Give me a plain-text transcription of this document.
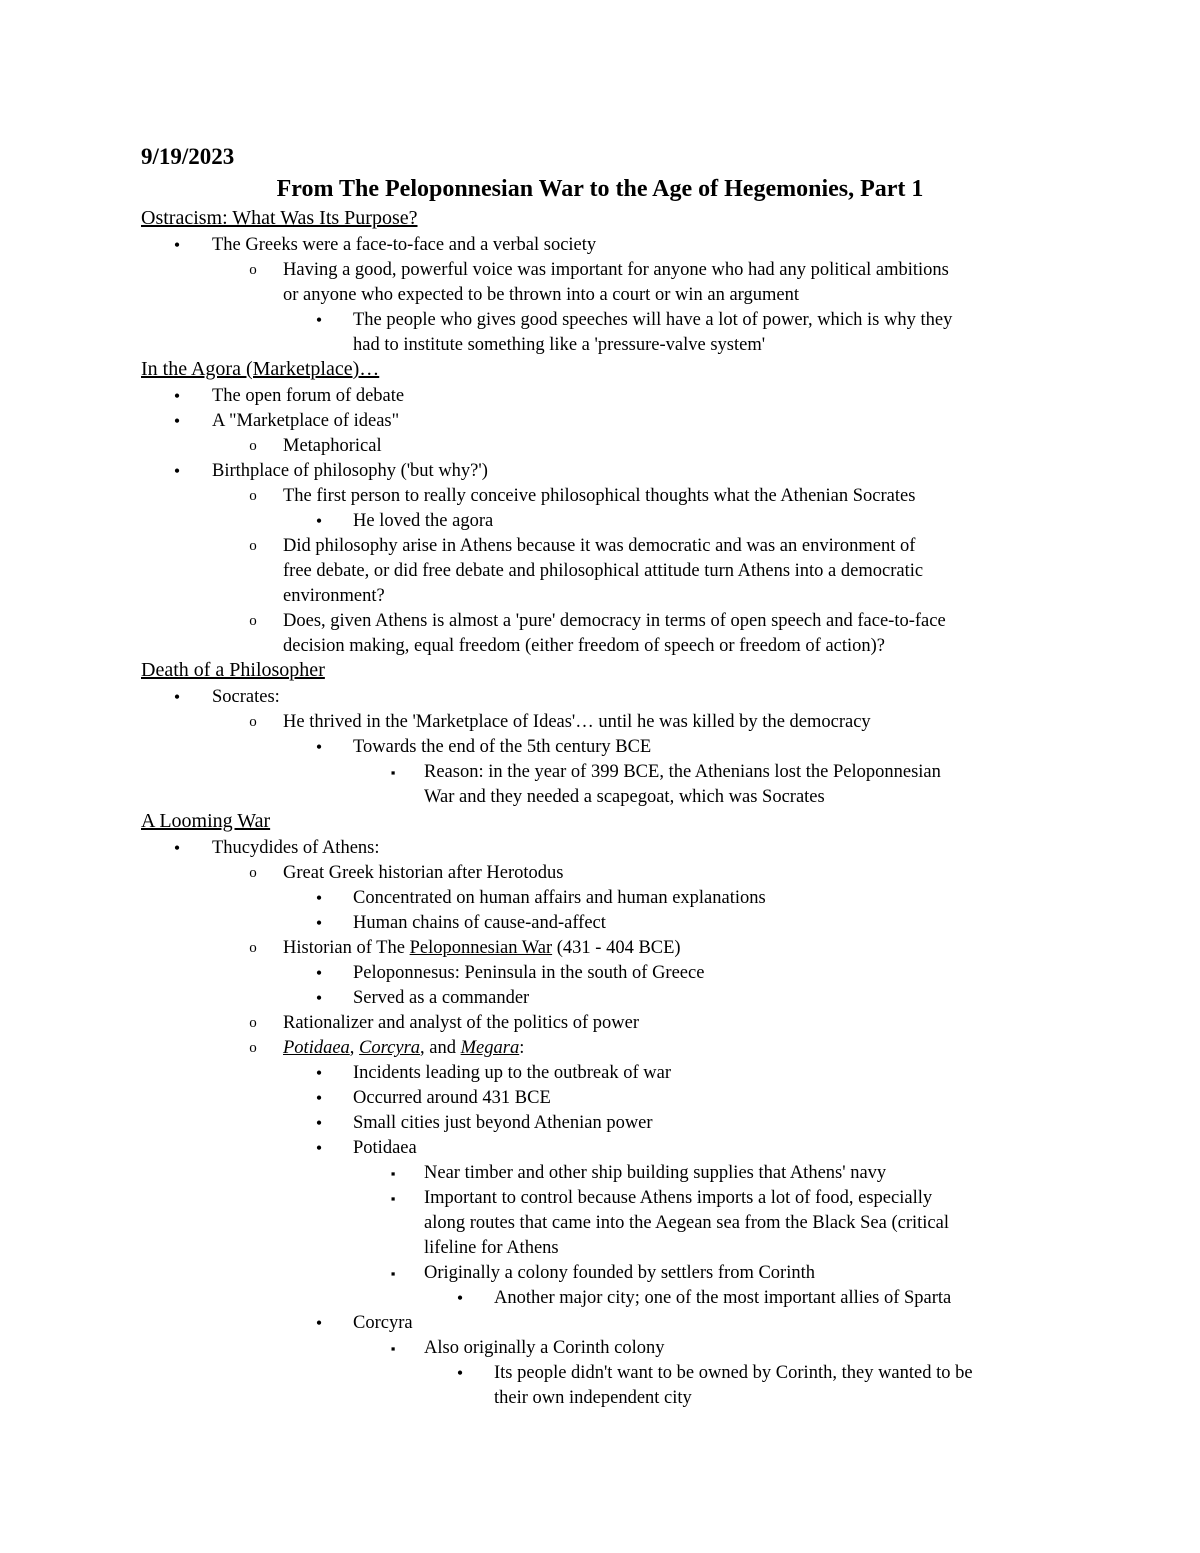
9/19/2023
From The Peloponnesian War to the Age of Hegemonies, Part 1
Ostracism: What Was Its Purpose?
• The Greeks were a face-to-face and a verbal society
o Having a good, powerful voice was important for anyone who had any political ambitions
or anyone who expected to be thrown into a court or win an argument
• The people who gives good speeches will have a lot of power, which is why they
had to institute something like a 'pressure-valve system'
In the Agora (Marketplace)…
• The open forum of debate
• A "Marketplace of ideas"
o Metaphorical
• Birthplace of philosophy ('but why?')
o The first person to really conceive philosophical thoughts what the Athenian Socrates
• He loved the agora
o Did philosophy arise in Athens because it was democratic and was an environment of
free debate, or did free debate and philosophical attitude turn Athens into a democratic
environment?
o Does, given Athens is almost a 'pure' democracy in terms of open speech and face-to-face
decision making, equal freedom (either freedom of speech or freedom of action)?
Death of a Philosopher
• Socrates:
o He thrived in the 'Marketplace of Ideas'… until he was killed by the democracy
• Towards the end of the 5th century BCE
▪ Reason: in the year of 399 BCE, the Athenians lost the Peloponnesian
War and they needed a scapegoat, which was Socrates
A Looming War
• Thucydides of Athens:
o Great Greek historian after Herotodus
• Concentrated on human affairs and human explanations
• Human chains of cause-and-affect
o Historian of The Peloponnesian War (431 - 404 BCE)
• Peloponnesus: Peninsula in the south of Greece
• Served as a commander
o Rationalizer and analyst of the politics of power
o Potidaea, Corcyra, and Megara:
• Incidents leading up to the outbreak of war
• Occurred around 431 BCE
• Small cities just beyond Athenian power
• Potidaea
▪ Near timber and other ship building supplies that Athens' navy
▪ Important to control because Athens imports a lot of food, especially
along routes that came into the Aegean sea from the Black Sea (critical
lifeline for Athens
▪ Originally a colony founded by settlers from Corinth
• Another major city; one of the most important allies of Sparta
• Corcyra
▪ Also originally a Corinth colony
• Its people didn't want to be owned by Corinth, they wanted to be
their own independent city
